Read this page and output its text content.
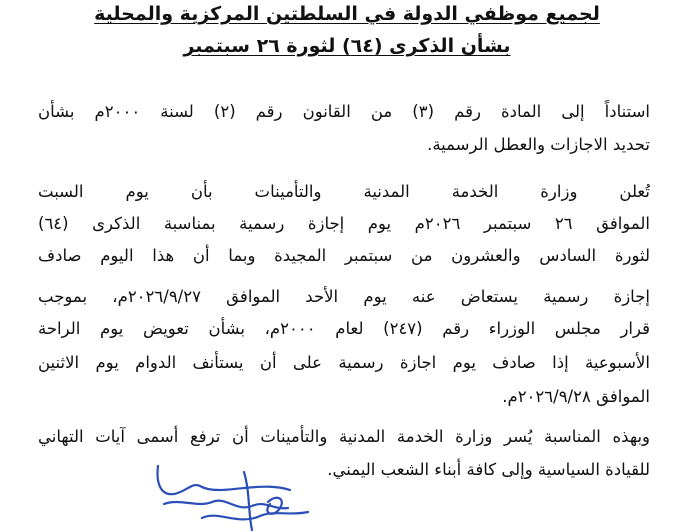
لجميع موظفي الدولة في السلطتين المركزية والمحلية
بشأن الذكرى (٦٤) لثورة ٢٦ سبتمبر
استناداً إلى المادة رقم (٣) من القانون رقم (٢) لسنة ٢٠٠٠م بشأن
تحديد الاجازات والعطل الرسمية.
تُعلن وزارة الخدمة المدنية والتأمينات بأن يوم السبت
الموافق ٢٦ سبتمبر ٢٠٢٦م يوم إجازة رسمية بمناسبة الذكرى (٦٤)
لثورة السادس والعشرون من سبتمبر المجيدة وبما أن هذا اليوم صادف
إجازة رسمية يستعاض عنه يوم الأحد الموافق ٢٠٢٦/٩/٢٧م، بموجب
قرار مجلس الوزراء رقم (٢٤٧) لعام ٢٠٠٠م، بشأن تعويض يوم الراحة
الأسبوعية إذا صادف يوم اجازة رسمية على أن يستأنف الدوام يوم الاثنين
الموافق ٢٠٢٦/٩/٢٨م.
وبهذه المناسبة يُسر وزارة الخدمة المدنية والتأمينات أن ترفع أسمى آيات التهاني
للقيادة السياسية وإلى كافة أبناء الشعب اليمني.
